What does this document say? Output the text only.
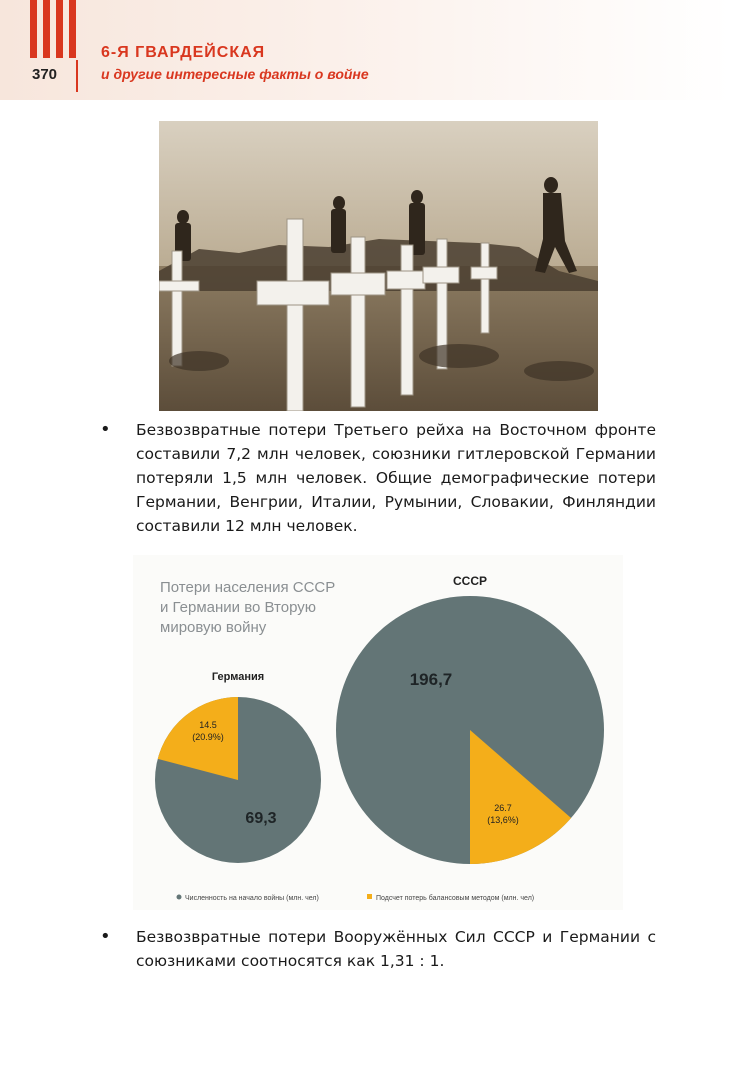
370
6-Я ГВАРДЕЙСКАЯ
и другие интересные факты о войне
• Безвозвратные потери Третьего рейха на Восточном фронте составили 7,2 млн человек, союзники гитлеровской Германии потеряли 1,5 млн человек. Общие демографические потери Германии, Венгрии, Италии, Румынии, Словакии, Финляндии составили 12 млн человек.
Потери населения СССР
и Германии во Вторую
мировую войну
Германия
СССР
69,3
14.5
(20.9%)
196,7
26.7
(13,6%)
Численность на начало войны (млн. чел)	Подсчет потерь балансовым методом (млн. чел)
• Безвозвратные потери Вооружённых Сил СССР и Германии с союзниками соотносятся как 1,31 : 1.
